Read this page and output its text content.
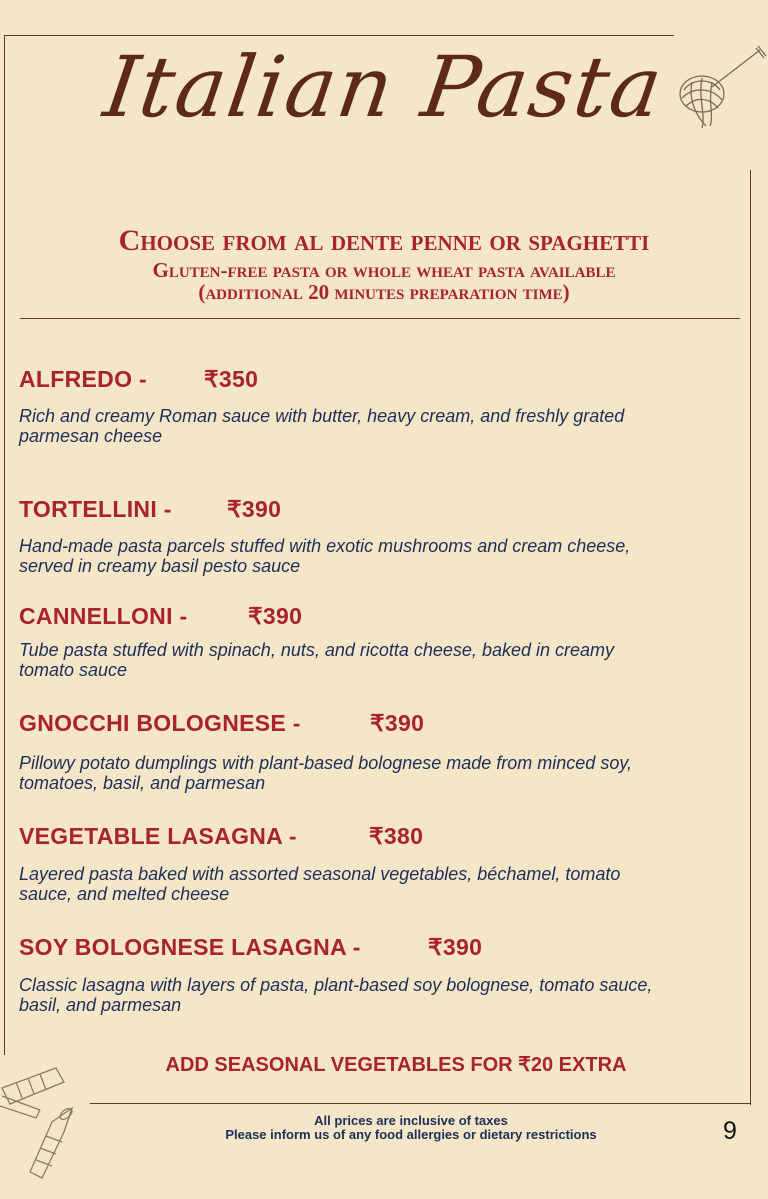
Italian Pasta
Choose from al dente penne or spaghetti
Gluten-free pasta or whole wheat pasta available
(additional 20 minutes preparation time)
ALFREDO - ₹350
Rich and creamy Roman sauce with butter, heavy cream, and freshly grated
parmesan cheese
TORTELLINI - ₹390
Hand-made pasta parcels stuffed with exotic mushrooms and cream cheese,
served in creamy basil pesto sauce
CANNELLONI -	₹390
Tube pasta stuffed with spinach, nuts, and ricotta cheese, baked in creamy
tomato sauce
GNOCCHI BOLOGNESE -	₹390
Pillowy potato dumplings with plant-based bolognese made from minced soy,
tomatoes, basil, and parmesan
VEGETABLE LASAGNA -	₹380
Layered pasta baked with assorted seasonal vegetables, béchamel, tomato
sauce, and melted cheese
SOY BOLOGNESE LASAGNA -	₹390
Classic lasagna with layers of pasta, plant-based soy bolognese, tomato sauce,
basil, and parmesan
ADD SEASONAL VEGETABLES FOR ₹20 EXTRA
All prices are inclusive of taxes
Please inform us of any food allergies or dietary restrictions	9
